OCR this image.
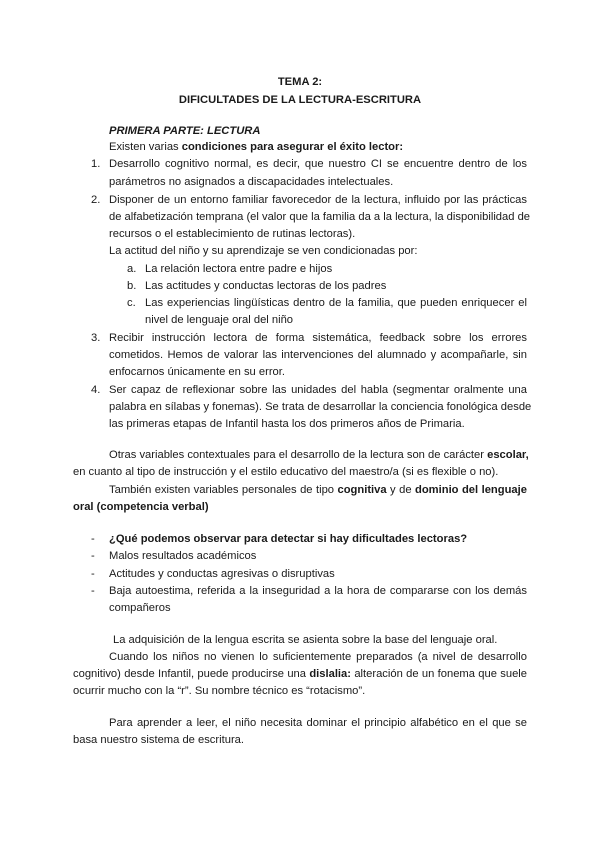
TEMA 2:
DIFICULTADES DE LA LECTURA-ESCRITURA
PRIMERA PARTE: LECTURA
Existen varias condiciones para asegurar el éxito lector:
1. Desarrollo cognitivo normal, es decir, que nuestro CI se encuentre dentro de los
parámetros no asignados a discapacidades intelectuales.
2. Disponer de un entorno familiar favorecedor de la lectura, influido por las prácticas
de alfabetización temprana (el valor que la familia da a la lectura, la disponibilidad de
recursos o el establecimiento de rutinas lectoras).
La actitud del niño y su aprendizaje se ven condicionadas por:
a. La relación lectora entre padre e hijos
b. Las actitudes y conductas lectoras de los padres
c. Las experiencias lingüísticas dentro de la familia, que pueden enriquecer el
nivel de lenguaje oral del niño
3. Recibir instrucción lectora de forma sistemática, feedback sobre los errores
cometidos. Hemos de valorar las intervenciones del alumnado y acompañarle, sin
enfocarnos únicamente en su error.
4. Ser capaz de reflexionar sobre las unidades del habla (segmentar oralmente una
palabra en sílabas y fonemas). Se trata de desarrollar la conciencia fonológica desde
las primeras etapas de Infantil hasta los dos primeros años de Primaria.
Otras variables contextuales para el desarrollo de la lectura son de carácter escolar,
en cuanto al tipo de instrucción y el estilo educativo del maestro/a (si es flexible o no).
También existen variables personales de tipo cognitiva y de dominio del lenguaje
oral (competencia verbal)
- ¿Qué podemos observar para detectar si hay dificultades lectoras?
- Malos resultados académicos
- Actitudes y conductas agresivas o disruptivas
- Baja autoestima, referida a la inseguridad a la hora de compararse con los demás
compañeros
La adquisición de la lengua escrita se asienta sobre la base del lenguaje oral.
Cuando los niños no vienen lo suficientemente preparados (a nivel de desarrollo
cognitivo) desde Infantil, puede producirse una dislalia: alteración de un fonema que suele
ocurrir mucho con la “r”. Su nombre técnico es “rotacismo”.
Para aprender a leer, el niño necesita dominar el principio alfabético en el que se
basa nuestro sistema de escritura.
